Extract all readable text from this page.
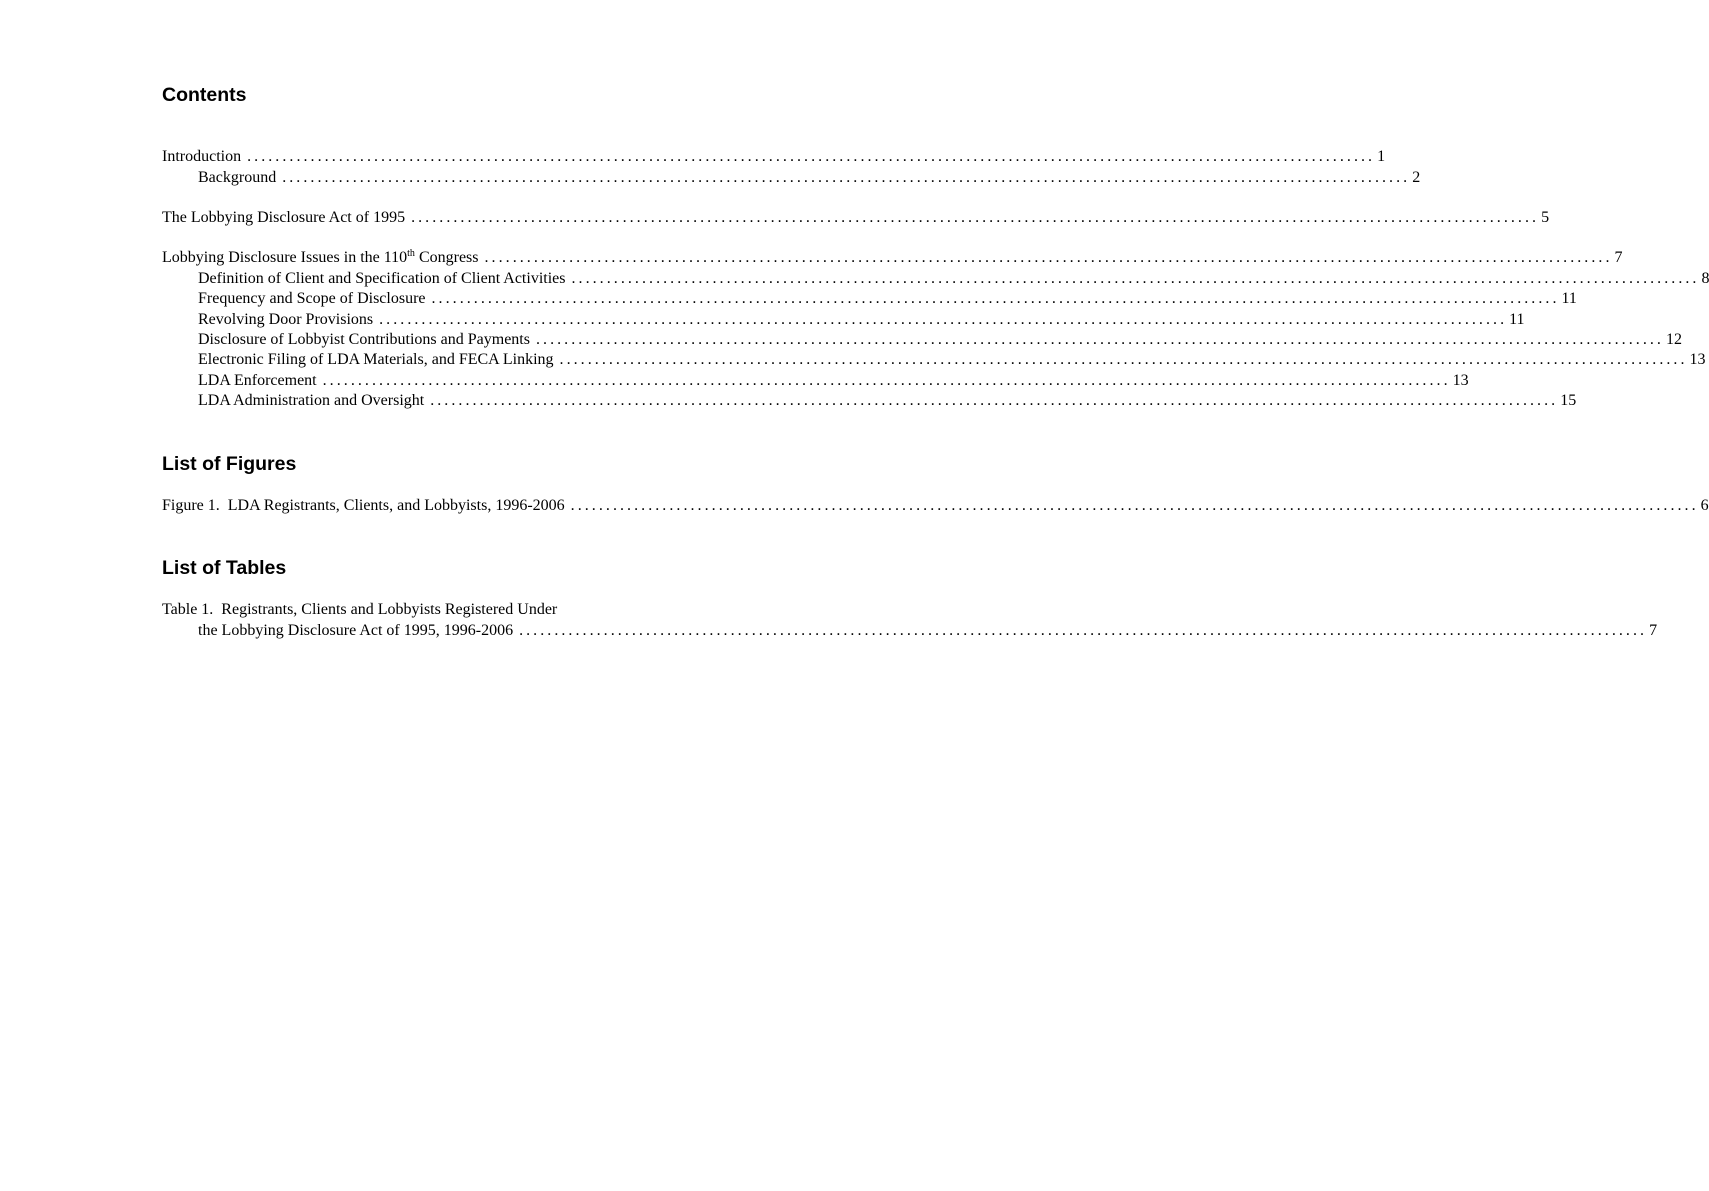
Contents
Introduction ................................................................................................................................................................ 1
Background ................................................................................................................................................................ 2
The Lobbying Disclosure Act of 1995 ................................................................................................................................................................ 5
Lobbying Disclosure Issues in the 110th Congress ................................................................................................................................................................ 7
Definition of Client and Specification of Client Activities ................................................................................................................................................................ 8
Frequency and Scope of Disclosure ................................................................................................................................................................ 11
Revolving Door Provisions ................................................................................................................................................................ 11
Disclosure of Lobbyist Contributions and Payments ................................................................................................................................................................ 12
Electronic Filing of LDA Materials, and FECA Linking ................................................................................................................................................................ 13
LDA Enforcement ................................................................................................................................................................ 13
LDA Administration and Oversight ................................................................................................................................................................ 15
List of Figures
Figure 1.  LDA Registrants, Clients, and Lobbyists, 1996-2006 ................................................................................................................................................................ 6
List of Tables
Table 1.  Registrants, Clients and Lobbyists Registered Under
the Lobbying Disclosure Act of 1995, 1996-2006 ................................................................................................................................................................ 7
